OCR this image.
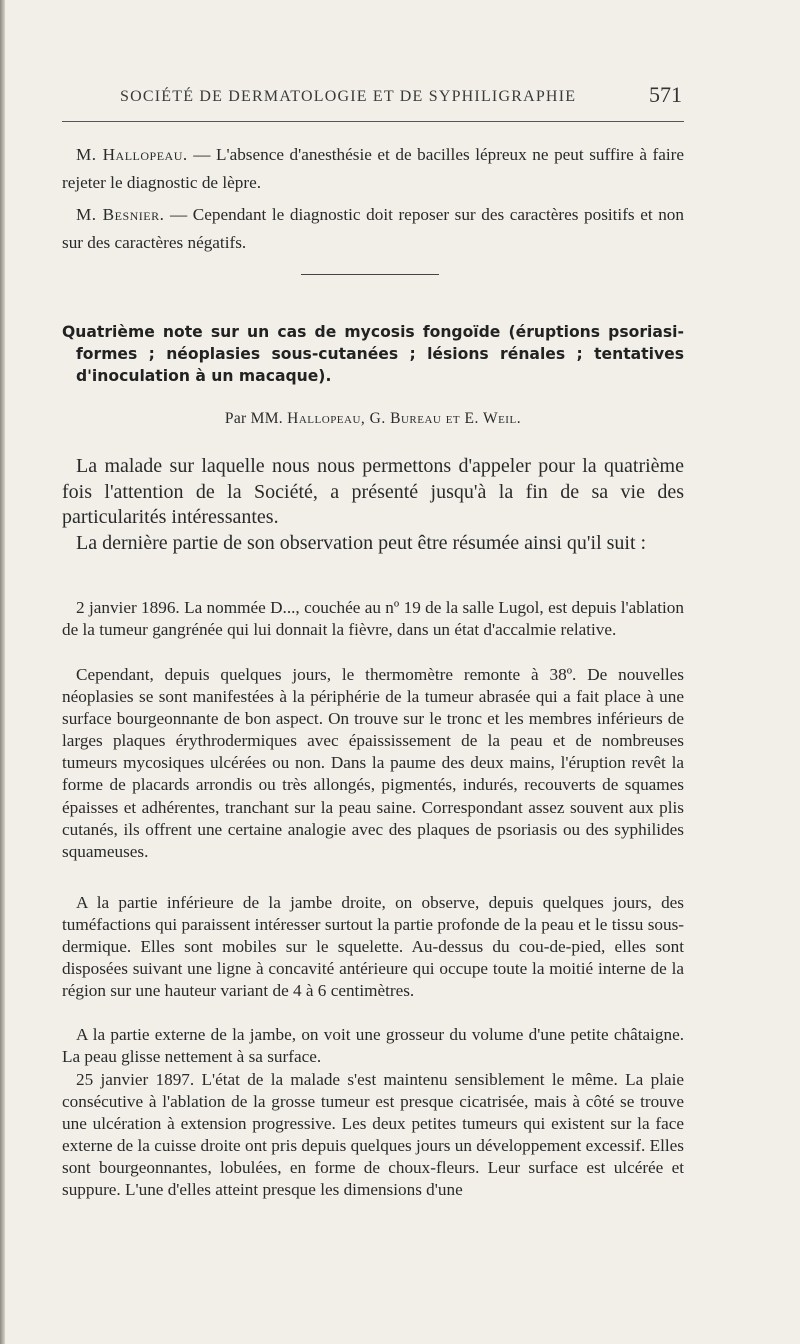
SOCIÉTÉ DE DERMATOLOGIE ET DE SYPHILIGRAPHIE	571

M. Hallopeau. — L'absence d'anesthésie et de bacilles lépreux ne peut suffire à faire rejeter le diagnostic de lèpre.

M. Besnier. — Cependant le diagnostic doit reposer sur des caractères positifs et non sur des caractères négatifs.

Quatrième note sur un cas de mycosis fongoïde (éruptions psoriasi-
formes ; néoplasies sous-cutanées ; lésions rénales ; tentatives
d'inoculation à un macaque).
Par MM. Hallopeau, G. Bureau et E. Weil.

La malade sur laquelle nous nous permettons d'appeler pour la quatrième fois l'attention de la Société, a présenté jusqu'à la fin de sa vie des particularités intéressantes.

La dernière partie de son observation peut être résumée ainsi qu'il suit :

2 janvier 1896. La nommée D..., couchée au nº 19 de la salle Lugol, est depuis l'ablation de la tumeur gangrénée qui lui donnait la fièvre, dans un état d'accalmie relative.

Cependant, depuis quelques jours, le thermomètre remonte à 38º. De nouvelles néoplasies se sont manifestées à la périphérie de la tumeur abrasée qui a fait place à une surface bourgeonnante de bon aspect. On trouve sur le tronc et les membres inférieurs de larges plaques érythrodermiques avec épaississement de la peau et de nombreuses tumeurs mycosiques ulcérées ou non. Dans la paume des deux mains, l'éruption revêt la forme de placards arrondis ou très allongés, pigmentés, indurés, recouverts de squames épaisses et adhérentes, tranchant sur la peau saine. Correspondant assez souvent aux plis cutanés, ils offrent une certaine analogie avec des plaques de psoriasis ou des syphilides squameuses.

A la partie inférieure de la jambe droite, on observe, depuis quelques jours, des tuméfactions qui paraissent intéresser surtout la partie profonde de la peau et le tissu sous-dermique. Elles sont mobiles sur le squelette. Au-dessus du cou-de-pied, elles sont disposées suivant une ligne à concavité antérieure qui occupe toute la moitié interne de la région sur une hauteur variant de 4 à 6 centimètres.

A la partie externe de la jambe, on voit une grosseur du volume d'une petite châtaigne. La peau glisse nettement à sa surface.

25 janvier 1897. L'état de la malade s'est maintenu sensiblement le même. La plaie consécutive à l'ablation de la grosse tumeur est presque cicatrisée, mais à côté se trouve une ulcération à extension progressive. Les deux petites tumeurs qui existent sur la face externe de la cuisse droite ont pris depuis quelques jours un développement excessif. Elles sont bourgeonnantes, lobulées, en forme de choux-fleurs. Leur surface est ulcérée et suppure. L'une d'elles atteint presque les dimensions d'une
